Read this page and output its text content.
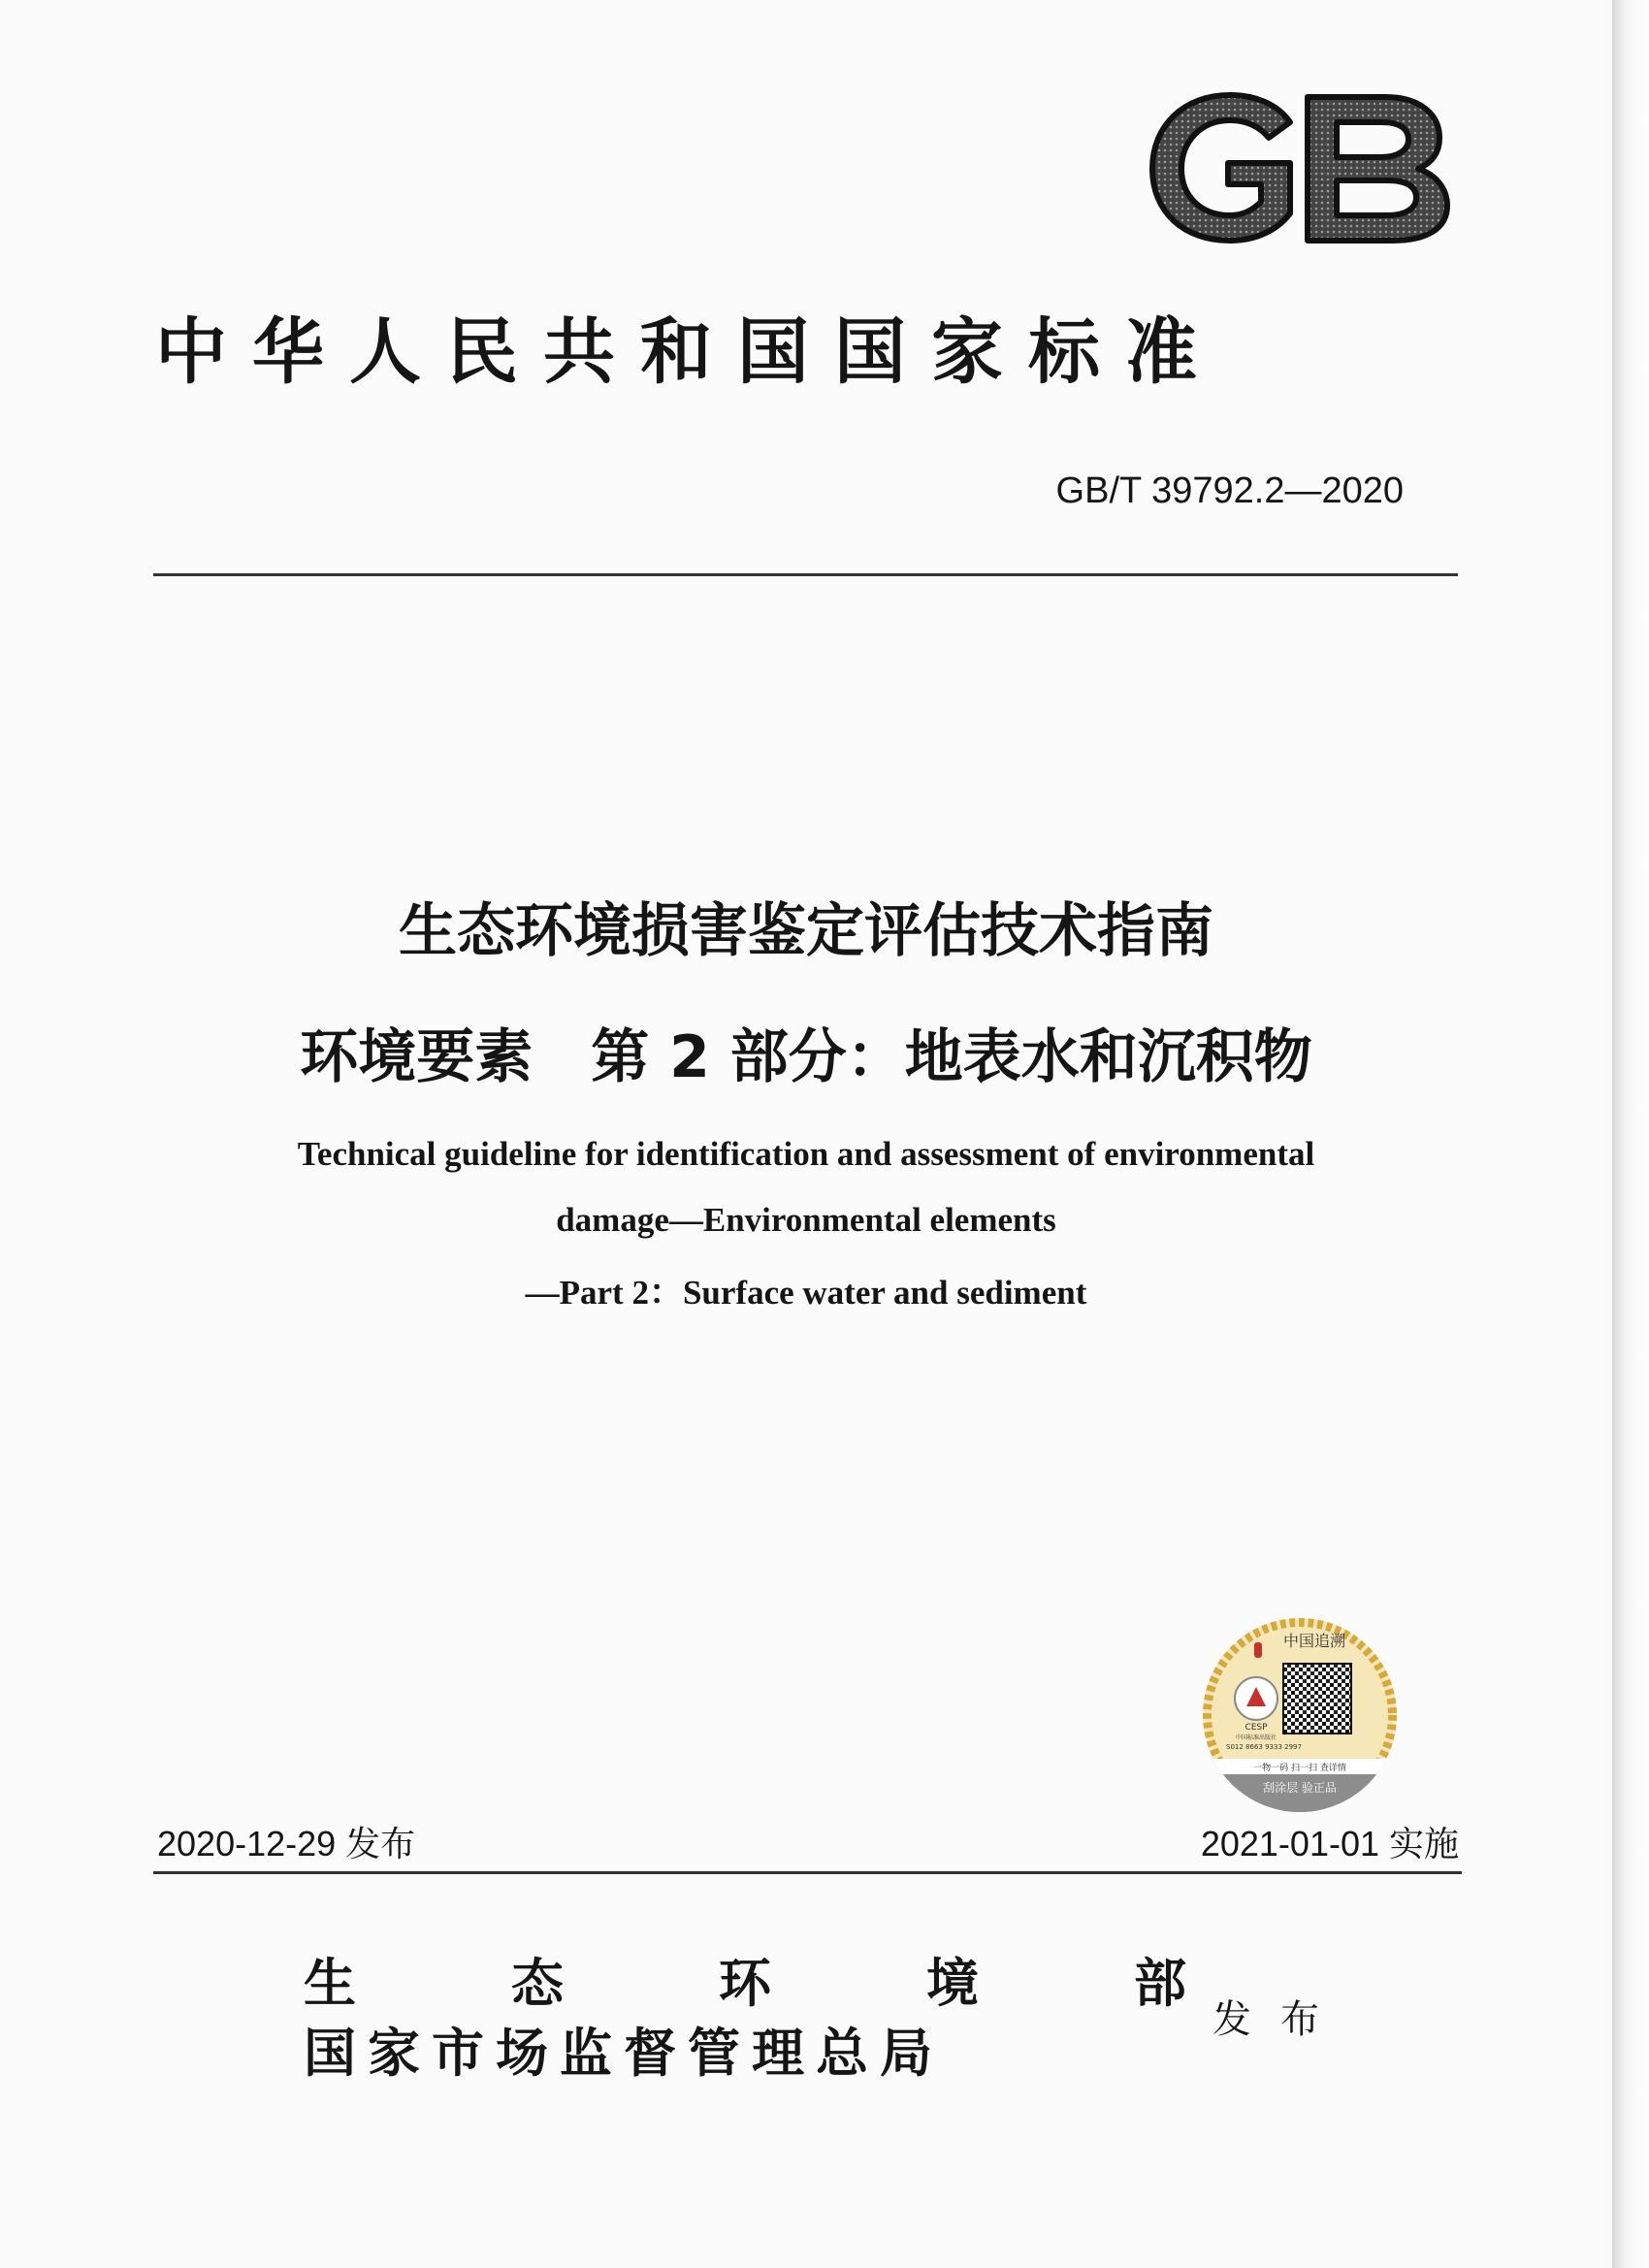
GB
中华人民共和国国家标准
GB/T 39792.2—2020
生态环境损害鉴定评估技术指南
环境要素　第 2 部分：地表水和沉积物
Technical guideline for identification and assessment of environmental
damage—Environmental elements
—Part 2：Surface water and sediment
中国追溯
CESP
中国标准出版社
S012 8663 9333 2997
一物一码 扫一扫 查详情
刮涂层 验正品
2020-12-29 发布	2021-01-01 实施
生	态	环	境	部
国家市场监督管理总局
发布
